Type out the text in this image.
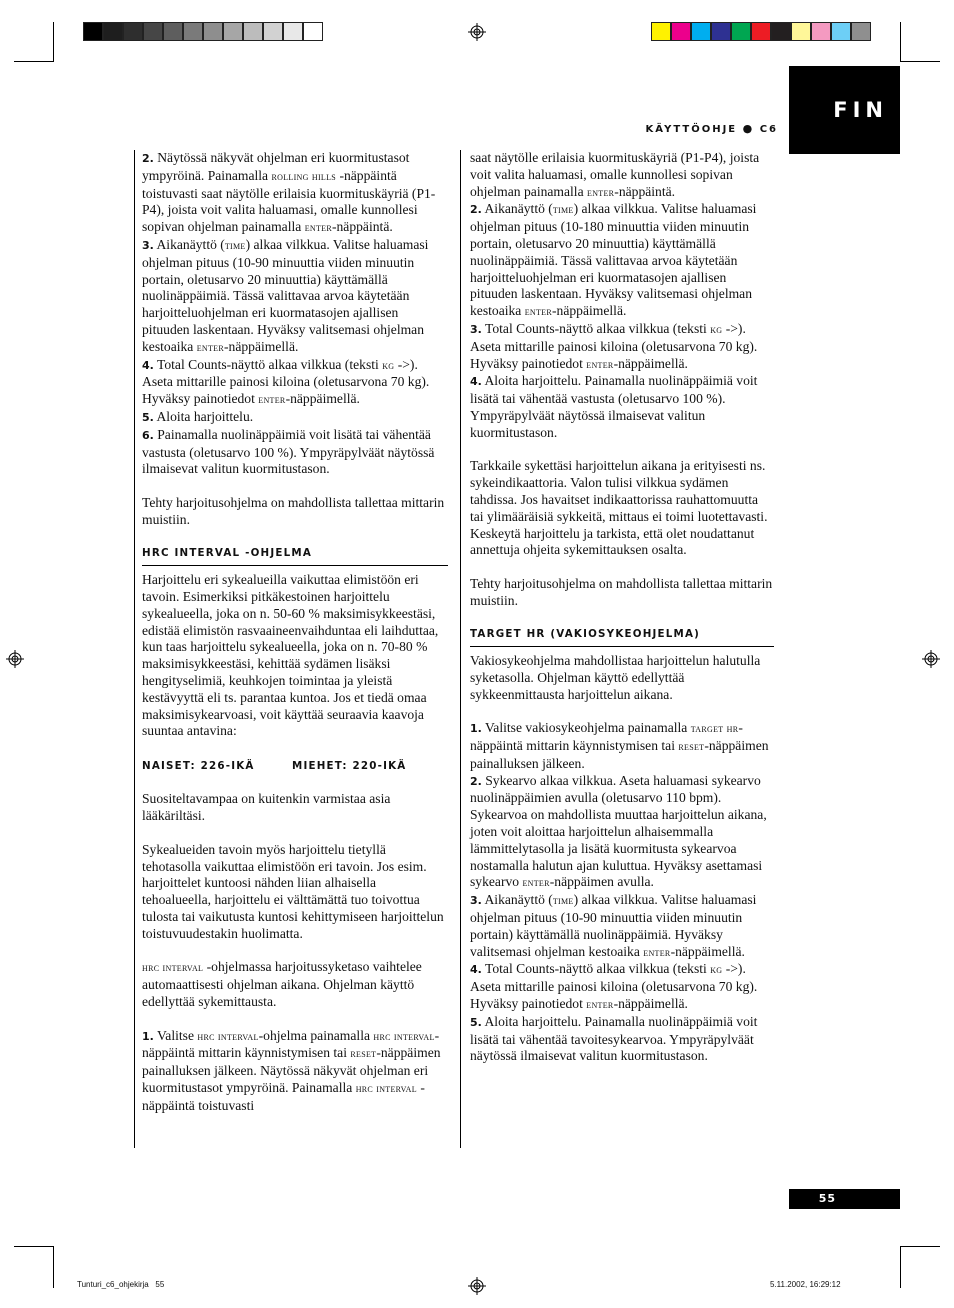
FIN
KÄYTTÖOHJE ● C6

2. Näytössä näkyvät ohjelman eri kuormitustasot ympyröinä. Painamalla rolling hills -näppäintä toistuvasti saat näytölle erilaisia kuormituskäyriä (P1-P4), joista voit valita haluamasi, omalle kunnollesi sopivan ohjelman painamalla enter-näppäintä.

3. Aikanäyttö (time) alkaa vilkkua. Valitse haluamasi ohjelman pituus (10-90 minuuttia viiden minuutin portain, oletusarvo 20 minuuttia) käyttämällä nuolinäppäimiä. Tässä valittavaa arvoa käytetään harjoitteluohjelman eri kuormatasojen ajallisen pituuden laskentaan. Hyväksy valitsemasi ohjelman kestoaika enter-näppäimellä.

4. Total Counts-näyttö alkaa vilkkua (teksti kg ->). Aseta mittarille painosi kiloina (oletusarvona 70 kg). Hyväksy painotiedot enter-näppäimellä.

5. Aloita harjoittelu.

6. Painamalla nuolinäppäimiä voit lisätä tai vähentää vastusta (oletusarvo 100 %). Ympyräpylväät näytössä ilmaisevat valitun kuormitustason.

Tehty harjoitusohjelma on mahdollista tallettaa mittarin muistiin.

HRC INTERVAL -OHJELMA

Harjoittelu eri sykealueilla vaikuttaa elimistöön eri tavoin. Esimerkiksi pitkäkestoinen harjoittelu sykealueella, joka on n. 50-60 % maksimisykkeestäsi, edistää elimistön rasvaaineenvaihduntaa eli laihduttaa, kun taas harjoittelu sykealueella, joka on n. 70-80 % maksimisykkeestäsi, kehittää sydämen lisäksi hengityselimiä, keuhkojen toimintaa ja yleistä kestävyyttä eli ts. parantaa kuntoa. Jos et tiedä omaa maksimisykearvoasi, voit käyttää seuraavia kaavoja suuntaa antavina:

NAISET: 226-IKÄ	MIEHET: 220-IKÄ

Suositeltavampaa on kuitenkin varmistaa asia lääkäriltäsi.

Sykealueiden tavoin myös harjoittelu tietyllä tehotasolla vaikuttaa elimistöön eri tavoin. Jos esim. harjoittelet kuntoosi nähden liian alhaisella tehoalueella, harjoittelu ei välttämättä tuo toivottua tulosta tai vaikutusta kuntosi kehittymiseen harjoittelun toistuvuudestakin huolimatta.

hrc interval -ohjelmassa harjoitussyketaso vaihtelee automaattisesti ohjelman aikana. Ohjelman käyttö edellyttää sykemittausta.

1. Valitse hrc interval-ohjelma painamalla hrc interval-näppäintä mittarin käynnistymisen tai reset-näppäimen painalluksen jälkeen. Näytössä näkyvät ohjelman eri kuormitustasot ympyröinä. Painamalla hrc interval -näppäintä toistuvasti

saat näytölle erilaisia kuormituskäyriä (P1-P4), joista voit valita haluamasi, omalle kunnollesi sopivan ohjelman painamalla enter-näppäintä.

2. Aikanäyttö (time) alkaa vilkkua. Valitse haluamasi ohjelman pituus (10-180 minuuttia viiden minuutin portain, oletusarvo 20 minuuttia) käyttämällä nuolinäppäimiä. Tässä valittavaa arvoa käytetään harjoitteluohjelman eri kuormatasojen ajallisen pituuden laskentaan. Hyväksy valitsemasi ohjelman kestoaika enter-näppäimellä.

3. Total Counts-näyttö alkaa vilkkua (teksti kg ->). Aseta mittarille painosi kiloina (oletusarvona 70 kg). Hyväksy painotiedot enter-näppäimellä.

4. Aloita harjoittelu. Painamalla nuolinäppäimiä voit lisätä tai vähentää vastusta (oletusarvo 100 %). Ympyräpylväät näytössä ilmaisevat valitun kuormitustason.

Tarkkaile sykettäsi harjoittelun aikana ja erityisesti ns. sykeindikaattoria. Valon tulisi vilkkua sydämen tahdissa. Jos havaitset indikaattorissa rauhattomuutta tai ylimääräisiä sykkeitä, mittaus ei toimi luotettavasti. Keskeytä harjoittelu ja tarkista, että olet noudattanut annettuja ohjeita sykemittauksen osalta.

Tehty harjoitusohjelma on mahdollista tallettaa mittarin muistiin.

TARGET HR (VAKIOSYKEOHJELMA)

Vakiosykeohjelma mahdollistaa harjoittelun halutulla syketasolla. Ohjelman käyttö edellyttää sykkeenmittausta harjoittelun aikana.

1. Valitse vakiosykeohjelma painamalla target hr-näppäintä mittarin käynnistymisen tai reset-näppäimen painalluksen jälkeen.

2. Sykearvo alkaa vilkkua. Aseta haluamasi sykearvo nuolinäppäimien avulla (oletusarvo 110 bpm). Sykearvoa on mahdollista muuttaa harjoittelun aikana, joten voit aloittaa harjoittelun alhaisemmalla lämmittelytasolla ja lisätä kuormitusta sykearvoa nostamalla halutun ajan kuluttua. Hyväksy asettamasi sykearvo enter-näppäimen avulla.

3. Aikanäyttö (time) alkaa vilkkua. Valitse haluamasi ohjelman pituus (10-90 minuuttia viiden minuutin portain) käyttämällä nuolinäppäimiä. Hyväksy valitsemasi ohjelman kestoaika enter-näppäimellä.

4. Total Counts-näyttö alkaa vilkkua (teksti kg ->). Aseta mittarille painosi kiloina (oletusarvona 70 kg). Hyväksy painotiedot enter-näppäimellä.

5. Aloita harjoittelu. Painamalla nuolinäppäimiä voit lisätä tai vähentää tavoitesykearvoa. Ympyräpylväät näytössä ilmaisevat valitun kuormitustason.

55
Tunturi_c6_ohjekirja   55	5.11.2002, 16:29:12
